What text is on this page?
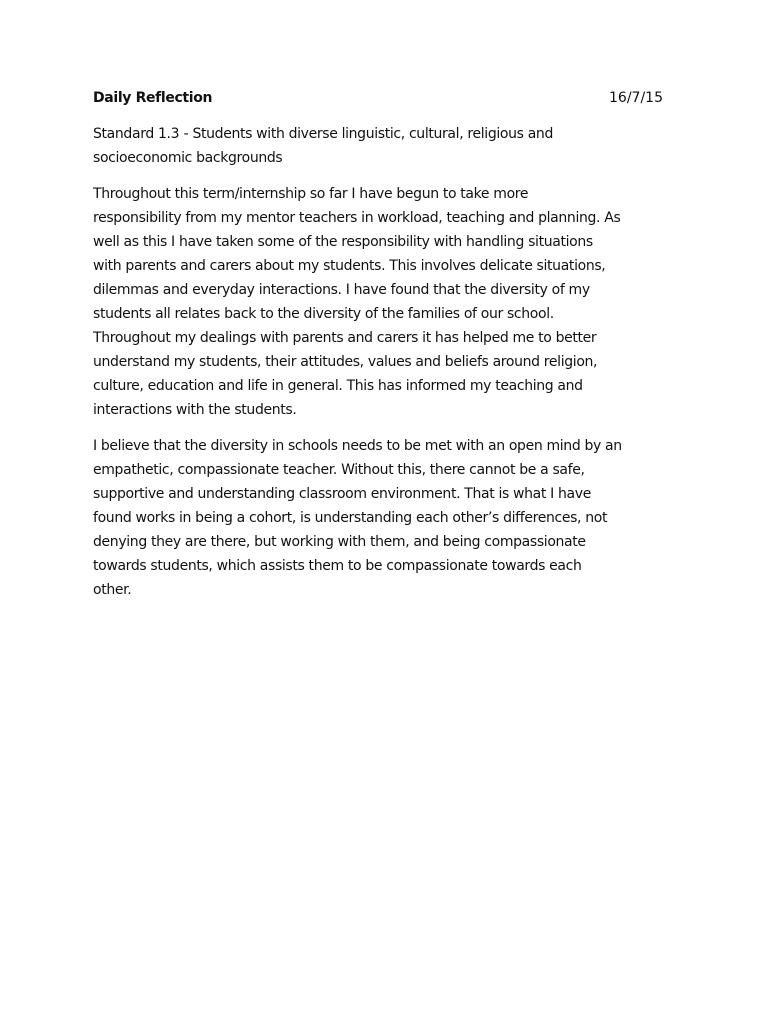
Daily Reflection	16/7/15
Standard 1.3 - Students with diverse linguistic, cultural, religious and
socioeconomic backgrounds
Throughout this term/internship so far I have begun to take more
responsibility from my mentor teachers in workload, teaching and planning. As
well as this I have taken some of the responsibility with handling situations
with parents and carers about my students. This involves delicate situations,
dilemmas and everyday interactions. I have found that the diversity of my
students all relates back to the diversity of the families of our school.
Throughout my dealings with parents and carers it has helped me to better
understand my students, their attitudes, values and beliefs around religion,
culture, education and life in general. This has informed my teaching and
interactions with the students.
I believe that the diversity in schools needs to be met with an open mind by an
empathetic, compassionate teacher. Without this, there cannot be a safe,
supportive and understanding classroom environment. That is what I have
found works in being a cohort, is understanding each other’s differences, not
denying they are there, but working with them, and being compassionate
towards students, which assists them to be compassionate towards each
other.
